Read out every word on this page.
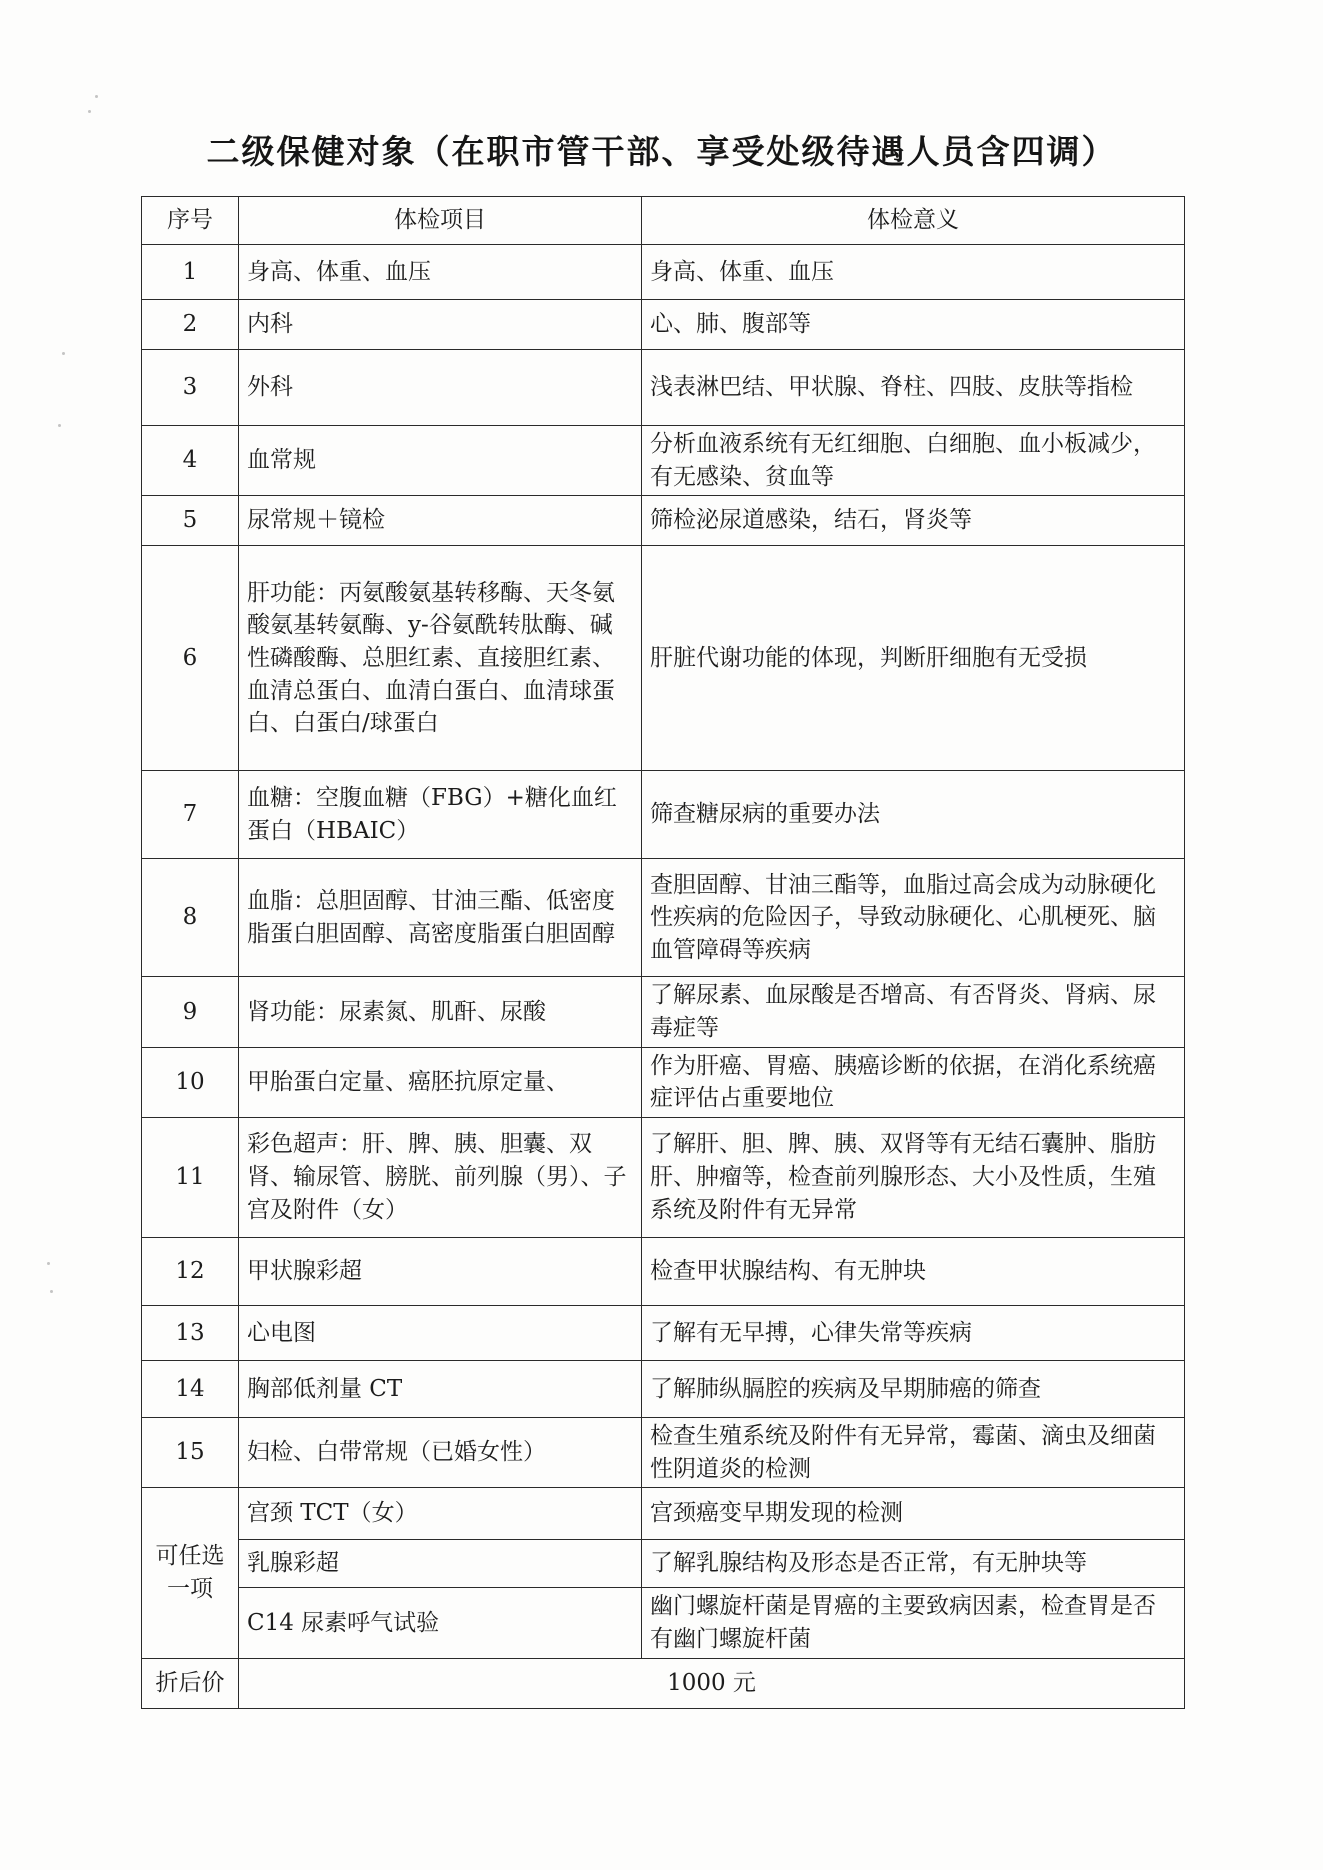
二级保健对象（在职市管干部、享受处级待遇人员含四调）
序号	体检项目	体检意义
1	身高、体重、血压	身高、体重、血压
2	内科	心、肺、腹部等
3	外科	浅表淋巴结、甲状腺、脊柱、四肢、皮肤等指检
4	血常规	分析血液系统有无红细胞、白细胞、血小板减少，有无感染、贫血等
5	尿常规＋镜检	筛检泌尿道感染，结石，肾炎等
6	肝功能：丙氨酸氨基转移酶、天冬氨酸氨基转氨酶、y-谷氨酰转肽酶、碱性磷酸酶、总胆红素、直接胆红素、血清总蛋白、血清白蛋白、血清球蛋白、白蛋白/球蛋白	肝脏代谢功能的体现，判断肝细胞有无受损
7	血糖：空腹血糖（FBG）+糖化血红蛋白（HBAIC）	筛查糖尿病的重要办法
8	血脂：总胆固醇、甘油三酯、低密度脂蛋白胆固醇、高密度脂蛋白胆固醇	查胆固醇、甘油三酯等，血脂过高会成为动脉硬化性疾病的危险因子，导致动脉硬化、心肌梗死、脑血管障碍等疾病
9	肾功能：尿素氮、肌酐、尿酸	了解尿素、血尿酸是否增高、有否肾炎、肾病、尿毒症等
10	甲胎蛋白定量、癌胚抗原定量、	作为肝癌、胃癌、胰癌诊断的依据，在消化系统癌症评估占重要地位
11	彩色超声：肝、脾、胰、胆囊、双肾、输尿管、膀胱、前列腺（男）、子宫及附件（女）	了解肝、胆、脾、胰、双肾等有无结石囊肿、脂肪肝、肿瘤等，检查前列腺形态、大小及性质，生殖系统及附件有无异常
12	甲状腺彩超	检查甲状腺结构、有无肿块
13	心电图	了解有无早搏，心律失常等疾病
14	胸部低剂量 CT	了解肺纵膈腔的疾病及早期肺癌的筛查
15	妇检、白带常规（已婚女性）	检查生殖系统及附件有无异常，霉菌、滴虫及细菌性阴道炎的检测
可任选一项	宫颈 TCT（女）	宫颈癌变早期发现的检测
	乳腺彩超	了解乳腺结构及形态是否正常，有无肿块等
	C14 尿素呼气试验	幽门螺旋杆菌是胃癌的主要致病因素，检查胃是否有幽门螺旋杆菌
折后价	1000 元	
